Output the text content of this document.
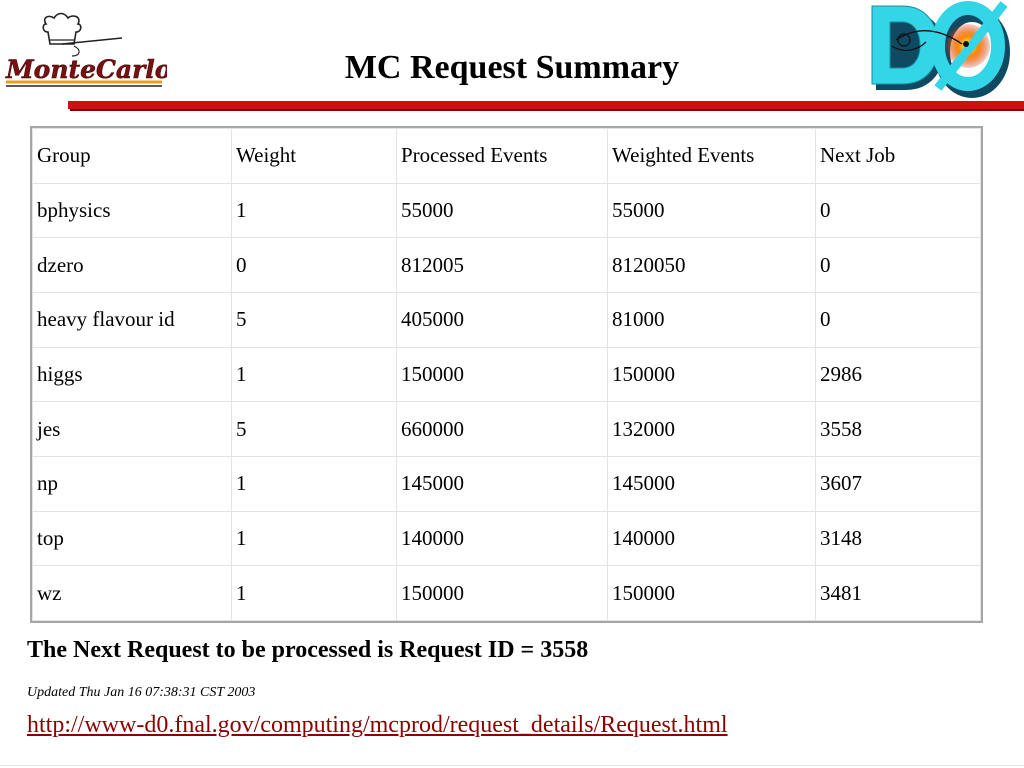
MonteCarlo	MC Request Summary
Group	Weight	Processed Events	Weighted Events	Next Job
bphysics	1	55000	55000	0
dzero	0	812005	8120050	0
heavy flavour id	5	405000	81000	0
higgs	1	150000	150000	2986
jes	5	660000	132000	3558
np	1	145000	145000	3607
top	1	140000	140000	3148
wz	1	150000	150000	3481
The Next Request to be processed is Request ID = 3558
Updated Thu Jan 16 07:38:31 CST 2003
http://www-d0.fnal.gov/computing/mcprod/request_details/Request.html
